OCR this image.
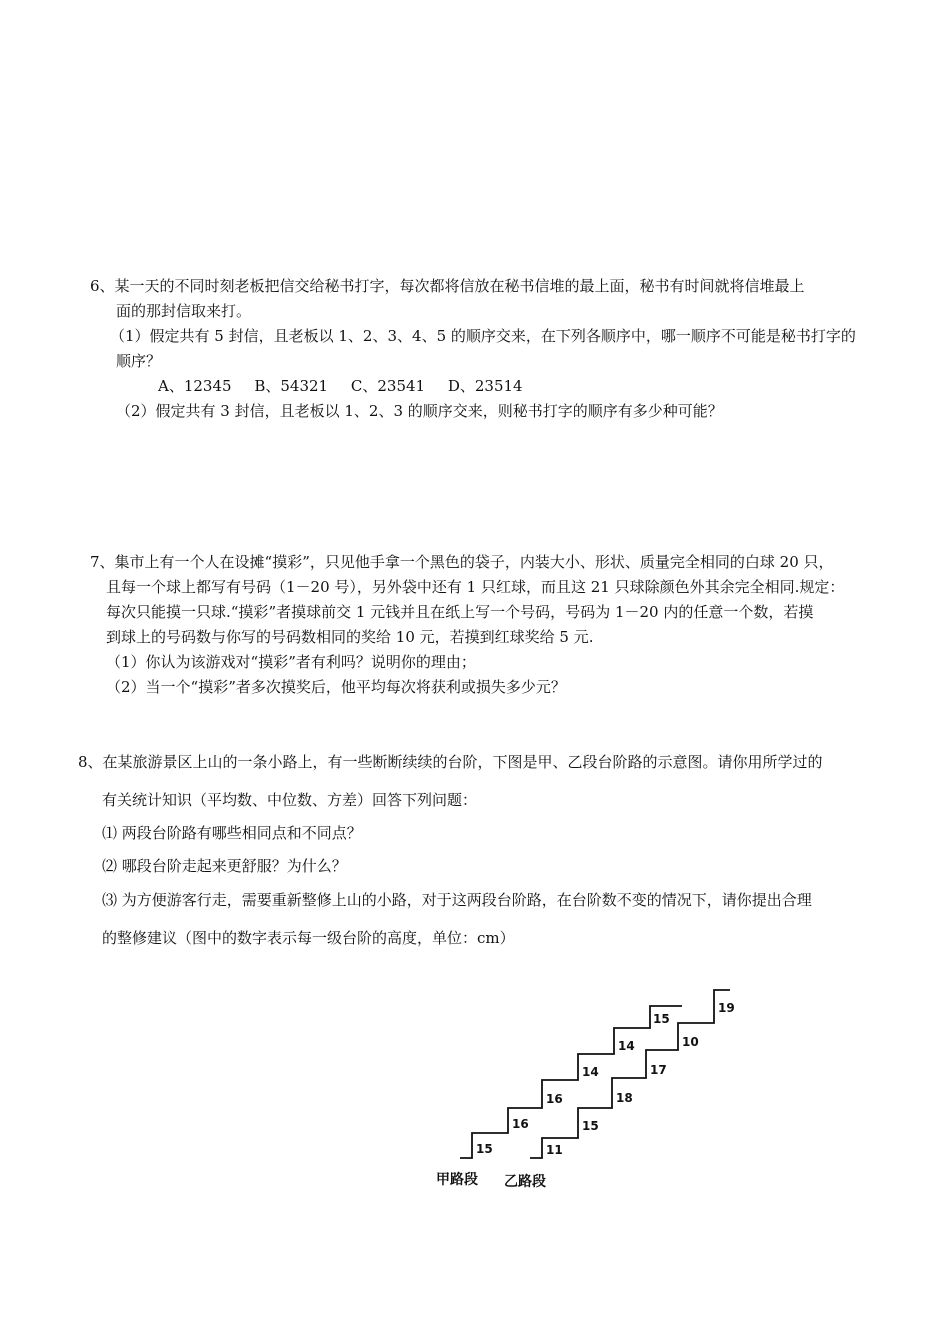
6、某一天的不同时刻老板把信交给秘书打字，每次都将信放在秘书信堆的最上面，秘书有时间就将信堆最上
面的那封信取来打。
（1）假定共有 5 封信，且老板以 1、2、3、4、5 的顺序交来，在下列各顺序中，哪一顺序不可能是秘书打字的
顺序？
A、12345 B、54321 C、23541 D、23514
（2）假定共有 3 封信，且老板以 1、2、3 的顺序交来，则秘书打字的顺序有多少种可能？
7、集市上有一个人在设摊“摸彩”，只见他手拿一个黑色的袋子，内装大小、形状、质量完全相同的白球 20 只，
且每一个球上都写有号码（1－20 号），另外袋中还有 1 只红球，而且这 21 只球除颜色外其余完全相同.规定：
每次只能摸一只球.“摸彩”者摸球前交 1 元钱并且在纸上写一个号码，号码为 1－20 内的任意一个数，若摸
到球上的号码数与你写的号码数相同的奖给 10 元，若摸到红球奖给 5 元.
（1）你认为该游戏对“摸彩”者有利吗？说明你的理由；
（2）当一个“摸彩”者多次摸奖后，他平均每次将获利或损失多少元？
8、在某旅游景区上山的一条小路上，有一些断断续续的台阶，下图是甲、乙段台阶路的示意图。请你用所学过的
有关统计知识（平均数、中位数、方差）回答下列问题：
⑴ 两段台阶路有哪些相同点和不同点？
⑵ 哪段台阶走起来更舒服？为什么？
⑶ 为方便游客行走，需要重新整修上山的小路，对于这两段台阶路，在台阶数不变的情况下，请你提出合理
的整修建议（图中的数字表示每一级台阶的高度，单位：cm）
15
16
16
14
14
15
11
15
18
17
10
19
甲路段 乙路段
